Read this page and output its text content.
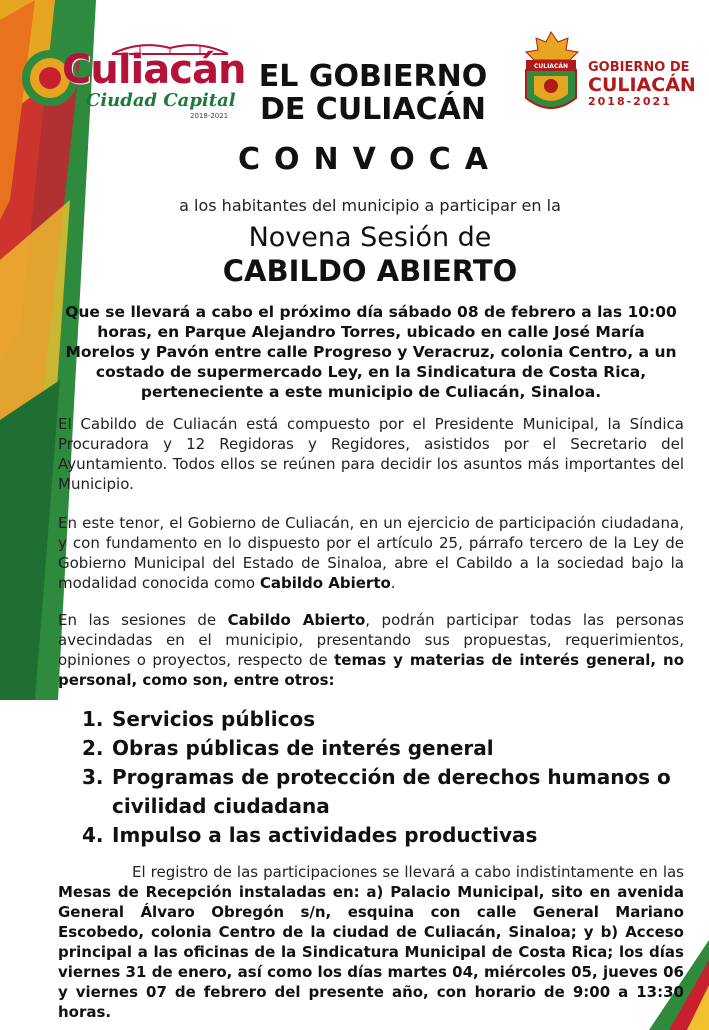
Culiacán
Ciudad Capital
2018-2021
EL GOBIERNO
DE CULIACÁN
CULIACÁN GOBIERNO DE
CULIACÁN
2018-2021
CONVOCA
a los habitantes del municipio a participar en la
Novena Sesión de
CABILDO ABIERTO

Que se llevará a cabo el próximo día sábado 08 de febrero a las 10:00 horas, en Parque Alejandro Torres, ubicado en calle José María Morelos y Pavón entre calle Progreso y Veracruz, colonia Centro, a un costado de supermercado Ley, en la Sindicatura de Costa Rica, perteneciente a este municipio de Culiacán, Sinaloa.

El Cabildo de Culiacán está compuesto por el Presidente Municipal, la Síndica Procuradora y 12 Regidoras y Regidores, asistidos por el Secretario del Ayuntamiento. Todos ellos se reúnen para decidir los asuntos más importantes del Municipio.

En este tenor, el Gobierno de Culiacán, en un ejercicio de participación ciudadana, y con fundamento en lo dispuesto por el artículo 25, párrafo tercero de la Ley de Gobierno Municipal del Estado de Sinaloa, abre el Cabildo a la sociedad bajo la modalidad conocida como Cabildo Abierto.

En las sesiones de Cabildo Abierto, podrán participar todas las personas avecindadas en el municipio, presentando sus propuestas, requerimientos, opiniones o proyectos, respecto de temas y materias de interés general, no personal, como son, entre otros:

1. Servicios públicos
2. Obras públicas de interés general
3. Programas de protección de derechos humanos o civilidad ciudadana
4. Impulso a las actividades productivas

El registro de las participaciones se llevará a cabo indistintamente en las Mesas de Recepción instaladas en: a) Palacio Municipal, sito en avenida General Álvaro Obregón s/n, esquina con calle General Mariano Escobedo, colonia Centro de la ciudad de Culiacán, Sinaloa; y b) Acceso principal a las oficinas de la Sindicatura Municipal de Costa Rica; los días viernes 31 de enero, así como los días martes 04, miércoles 05, jueves 06 y viernes 07 de febrero del presente año, con horario de 9:00 a 13:30 horas.
